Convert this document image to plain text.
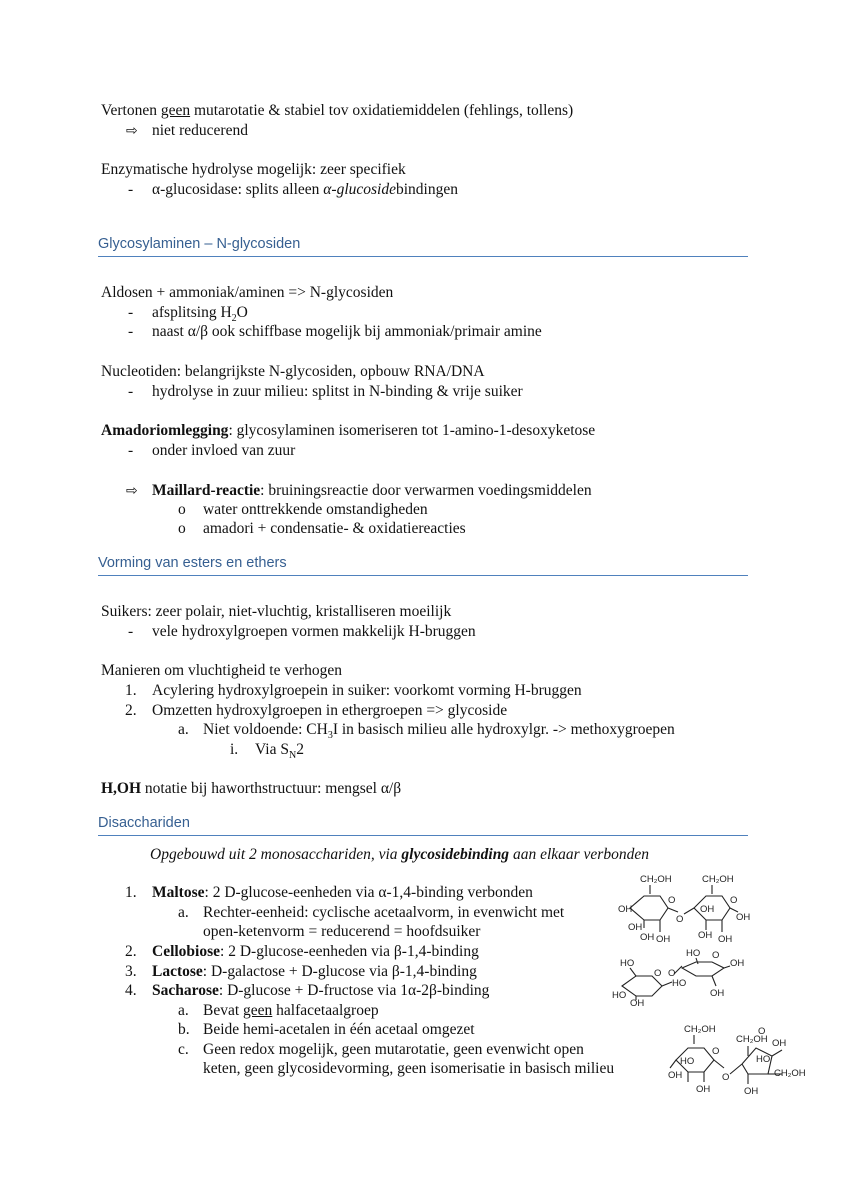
Vertonen geen mutarotatie & stabiel tov oxidatiemiddelen (fehlings, tollens)
⇨ niet reducerend
Enzymatische hydrolyse mogelijk: zeer specifiek
- α-glucosidase: splits alleen α-glucosidebindingen
Glycosylaminen – N-glycosiden
Aldosen + ammoniak/aminen => N-glycosiden
- afsplitsing $H_2O$
- naast α/β ook schiffbase mogelijk bij ammoniak/primair amine
Nucleotiden: belangrijkste N-glycosiden, opbouw RNA/DNA
- hydrolyse in zuur milieu: splitst in N-binding & vrije suiker
Amadoriomlegging: glycosylaminen isomeriseren tot 1-amino-1-desoxyketose
- onder invloed van zuur
⇨ Maillard-reactie: bruiningsreactie door verwarmen voedingsmiddelen
o water onttrekkende omstandigheden
o amadori + condensatie- & oxidatiereacties
Vorming van esters en ethers
Suikers: zeer polair, niet-vluchtig, kristalliseren moeilijk
- vele hydroxylgroepen vormen makkelijk H-bruggen
Manieren om vluchtigheid te verhogen
1. Acylering hydroxylgroepein in suiker: voorkomt vorming H-bruggen
2. Omzetten hydroxylgroepen in ethergroepen => glycoside
a. Niet voldoende: $CH_3I$ in basisch milieu alle hydroxylgr. -> methoxygroepen
i. Via $S_N2$
H,OH notatie bij haworthstructuur: mengsel α/β
Disacchariden
Opgebouwd uit 2 monosacchariden, via glycosidebinding aan elkaar verbonden
1. Maltose: 2 D-glucose-eenheden via α-1,4-binding verbonden
a. Rechter-eenheid: cyclische acetaalvorm, in evenwicht met
open-ketenvorm = reducerend = hoofdsuiker
2. Cellobiose: 2 D-glucose-eenheden via β-1,4-binding
3. Lactose: D-galactose + D-glucose via β-1,4-binding
4. Sacharose: D-glucose + D-fructose via 1α-2β-binding
a. Bevat geen halfacetaalgroep
b. Beide hemi-acetalen in één acetaal omgezet
c. Geen redox mogelijk, geen mutarotatie, geen evenwicht open
keten, geen glycosidevorming, geen isomerisatie in basisch milieu
CH₂OH
O
OH
OH
OH OH
O
CH₂OH
O
OH
OH
OH OH
HO
O
HO
OH
O
HO O
OH
HO
OH
CH₂OH
O
HO
OH
OH
O
CH₂OH
O
HO
OH
CH₂OH
OH
